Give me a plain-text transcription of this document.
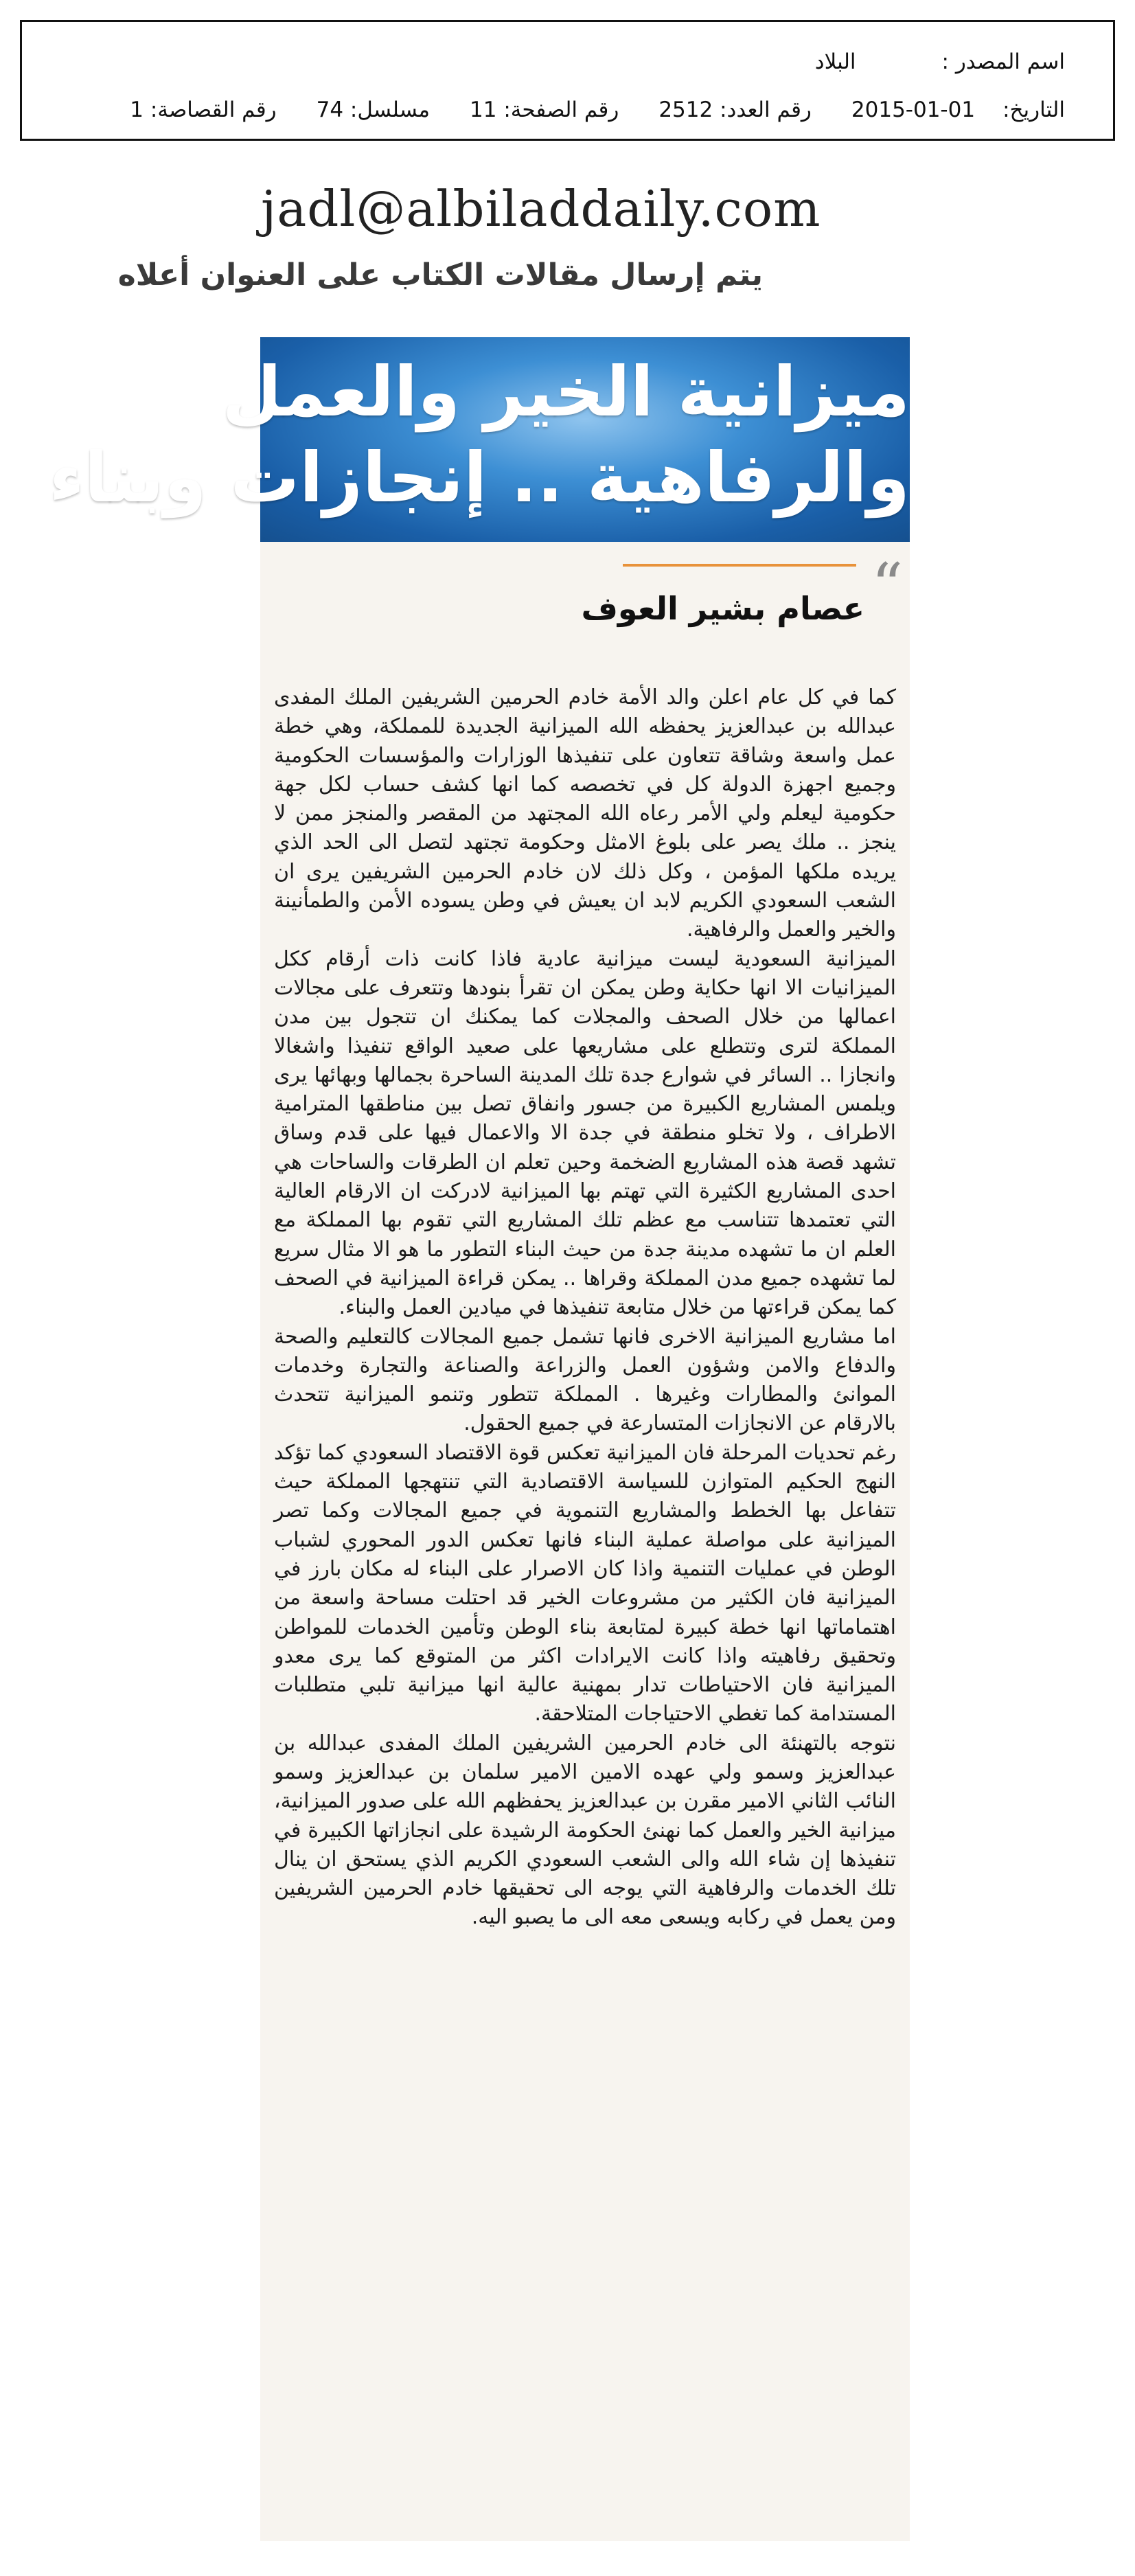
اسم المصدر :البلاد
التاريخ:2015-01-01رقم العدد: 2512رقم الصفحة: 11مسلسل: 74رقم القصاصة: 1
jadl@albiladdaily.com
يتم إرسال مقالات الكتاب على العنوان أعلاه
ميزانية الخير والعمل
والرفاهية .. إنجازات وبناء
“
عصام بشير العوف

كما في كل عام اعلن والد الأمة خادم الحرمين الشريفين الملك المفدى عبدالله بن عبدالعزيز يحفظه الله الميزانية الجديدة للمملكة، وهي خطة عمل واسعة وشاقة تتعاون على تنفيذها الوزارات والمؤسسات الحكومية وجميع اجهزة الدولة كل في تخصصه كما انها كشف حساب لكل جهة حكومية ليعلم ولي الأمر رعاه الله المجتهد من المقصر والمنجز ممن لا ينجز .. ملك يصر على بلوغ الامثل وحكومة تجتهد لتصل الى الحد الذي يريده ملكها المؤمن ، وكل ذلك لان خادم الحرمين الشريفين يرى ان الشعب السعودي الكريم لابد ان يعيش في وطن يسوده الأمن والطمأنينة والخير والعمل والرفاهية.

الميزانية السعودية ليست ميزانية عادية فاذا كانت ذات أرقام ككل الميزانيات الا انها حكاية وطن يمكن ان تقرأ بنودها وتتعرف على مجالات اعمالها من خلال الصحف والمجلات كما يمكنك ان تتجول بين مدن المملكة لترى وتتطلع على مشاريعها على صعيد الواقع تنفيذا واشغالا وانجازا .. السائر في شوارع جدة تلك المدينة الساحرة بجمالها وبهائها يرى ويلمس المشاريع الكبيرة من جسور وانفاق تصل بين مناطقها المترامية الاطراف ، ولا تخلو منطقة في جدة الا والاعمال فيها على قدم وساق تشهد قصة هذه المشاريع الضخمة وحين تعلم ان الطرقات والساحات هي احدى المشاريع الكثيرة التي تهتم بها الميزانية لادركت ان الارقام العالية التي تعتمدها تتناسب مع عظم تلك المشاريع التي تقوم بها المملكة مع العلم ان ما تشهده مدينة جدة من حيث البناء التطور ما هو الا مثال سريع لما تشهده جميع مدن المملكة وقراها .. يمكن قراءة الميزانية في الصحف كما يمكن قراءتها من خلال متابعة تنفيذها في ميادين العمل والبناء.

اما مشاريع الميزانية الاخرى فانها تشمل جميع المجالات كالتعليم والصحة والدفاع والامن وشؤون العمل والزراعة والصناعة والتجارة وخدمات الموانئ والمطارات وغيرها . المملكة تتطور وتنمو الميزانية تتحدث بالارقام عن الانجازات المتسارعة في جميع الحقول.

رغم تحديات المرحلة فان الميزانية تعكس قوة الاقتصاد السعودي كما تؤكد النهج الحكيم المتوازن للسياسة الاقتصادية التي تنتهجها المملكة حيث تتفاعل بها الخطط والمشاريع التنموية في جميع المجالات وكما تصر الميزانية على مواصلة عملية البناء فانها تعكس الدور المحوري لشباب الوطن في عمليات التنمية واذا كان الاصرار على البناء له مكان بارز في الميزانية فان الكثير من مشروعات الخير قد احتلت مساحة واسعة من اهتماماتها انها خطة كبيرة لمتابعة بناء الوطن وتأمين الخدمات للمواطن وتحقيق رفاهيته واذا كانت الايرادات اكثر من المتوقع كما يرى معدو الميزانية فان الاحتياطات تدار بمهنية عالية انها ميزانية تلبي متطلبات المستدامة كما تغطي الاحتياجات المتلاحقة.

نتوجه بالتهنئة الى خادم الحرمين الشريفين الملك المفدى عبدالله بن عبدالعزيز وسمو ولي عهده الامين الامير سلمان بن عبدالعزيز وسمو النائب الثاني الامير مقرن بن عبدالعزيز يحفظهم الله على صدور الميزانية، ميزانية الخير والعمل كما نهنئ الحكومة الرشيدة على انجازاتها الكبيرة في تنفيذها إن شاء الله والى الشعب السعودي الكريم الذي يستحق ان ينال تلك الخدمات والرفاهية التي يوجه الى تحقيقها خادم الحرمين الشريفين ومن يعمل في ركابه ويسعى معه الى ما يصبو اليه.
